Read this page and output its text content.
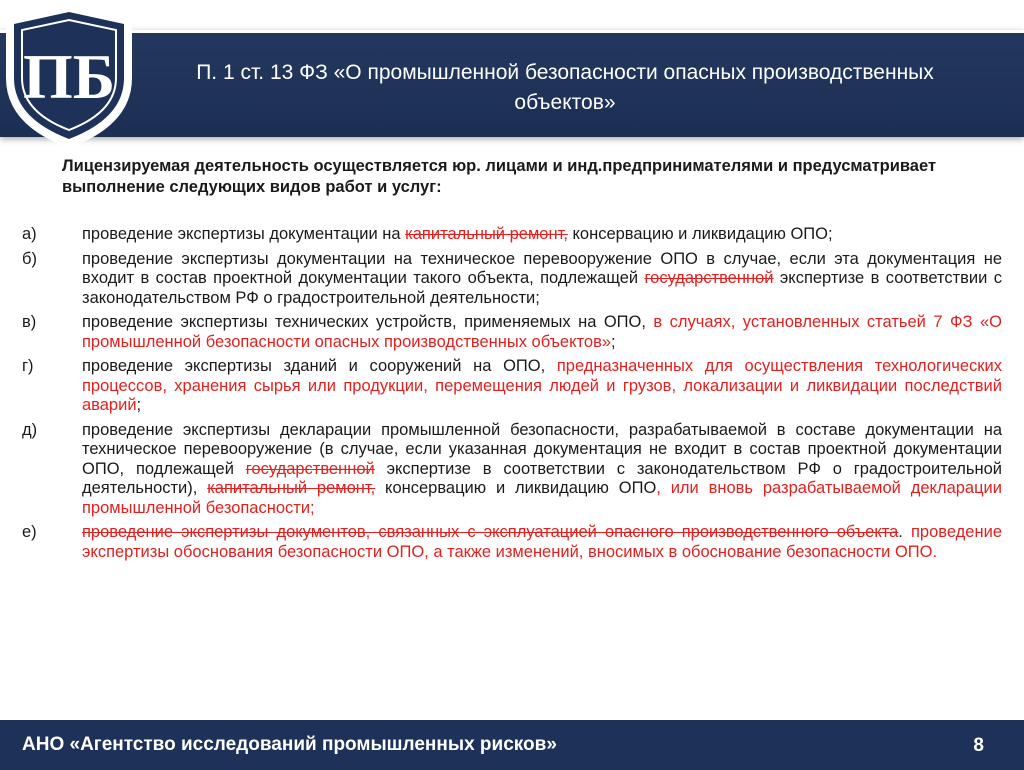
ПБ	П. 1 ст. 13 ФЗ «О промышленной безопасности опасных производственных объектов»
Лицензируемая деятельность осуществляется юр. лицами и инд.предпринимателями и предусматривает выполнение следующих видов работ и услуг:
а)	проведение экспертизы документации на капитальный ремонт, консервацию и ликвидацию ОПО;
б)	проведение экспертизы документации на техническое перевооружение ОПО в случае, если эта документация не входит в состав проектной документации такого объекта, подлежащей государственной экспертизе в соответствии с законодательством РФ о градостроительной деятельности;
в)	проведение экспертизы технических устройств, применяемых на ОПО, в случаях, установленных статьей 7 ФЗ «О промышленной безопасности опасных производственных объектов»;
г)	проведение экспертизы зданий и сооружений на ОПО, предназначенных для осуществления технологических процессов, хранения сырья или продукции, перемещения людей и грузов, локализации и ликвидации последствий аварий;
д)	проведение экспертизы декларации промышленной безопасности, разрабатываемой в составе документации на техническое перевооружение (в случае, если указанная документация не входит в состав проектной документации ОПО, подлежащей государственной экспертизе в соответствии с законодательством РФ о градостроительной деятельности), капитальный ремонт, консервацию и ликвидацию ОПО, или вновь разрабатываемой декларации промышленной безопасности;
е)	проведение экспертизы документов, связанных с эксплуатацией опасного производственного объекта. проведение экспертизы обоснования безопасности ОПО, а также изменений, вносимых в обоснование безопасности ОПО.
АНО «Агентство исследований промышленных рисков»	8
